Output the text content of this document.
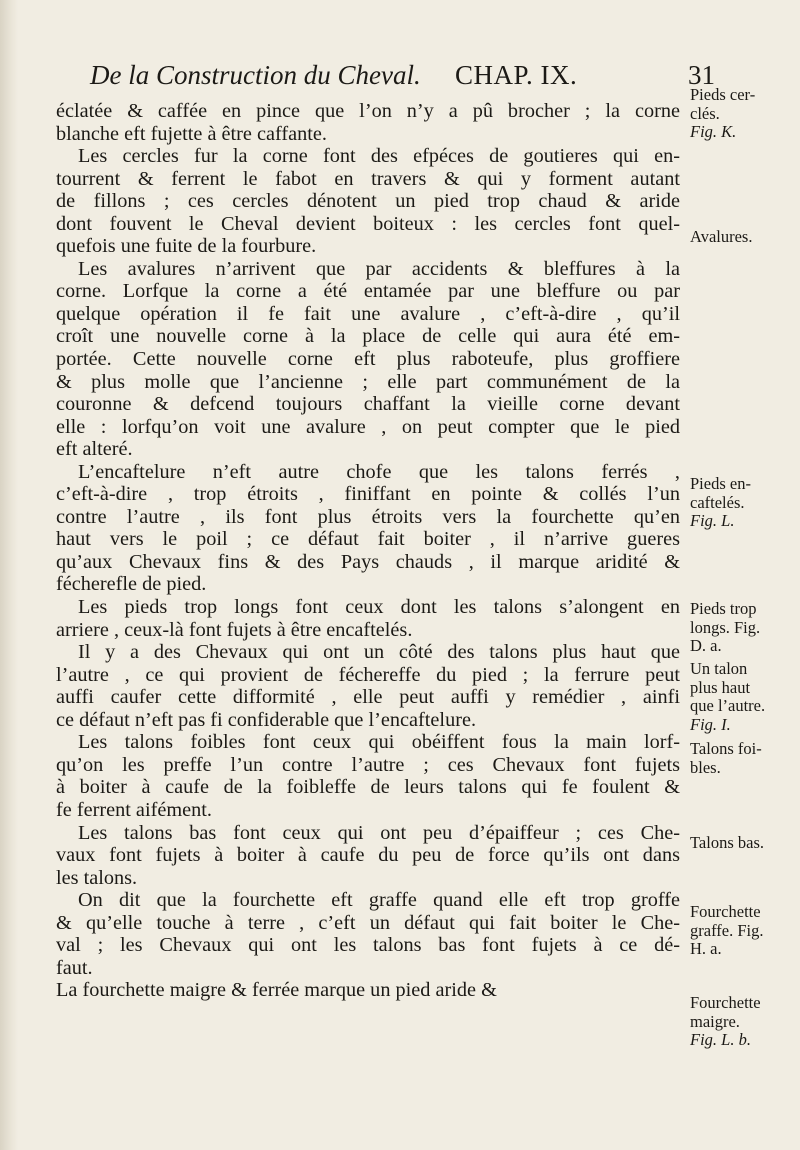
De la Construction du Cheval. CHAP. IX.	31
éclatée & caffée en pince que l’on n’y a pû brocher ; la corne
blanche eft fujette à être caffante.
Les cercles fur la corne font des efpéces de goutieres qui en-
tourrent & ferrent le fabot en travers & qui y forment autant
de fillons ; ces cercles dénotent un pied trop chaud & aride
dont fouvent le Cheval devient boiteux : les cercles font quel-
quefois une fuite de la fourbure.
Les avalures n’arrivent que par accidents & bleffures à la
corne. Lorfque la corne a été entamée par une bleffure ou par
quelque opération il fe fait une avalure , c’eft-à-dire , qu’il
croît une nouvelle corne à la place de celle qui aura été em-
portée. Cette nouvelle corne eft plus raboteufe, plus groffiere
& plus molle que l’ancienne ; elle part communément de la
couronne & defcend toujours chaffant la vieille corne devant
elle : lorfqu’on voit une avalure , on peut compter que le pied
eft alteré.
L’encaftelure n’eft autre chofe que les talons ferrés ,
c’eft-à-dire , trop étroits , finiffant en pointe & collés l’un
contre l’autre , ils font plus étroits vers la fourchette qu’en
haut vers le poil ; ce défaut fait boiter , il n’arrive gueres
qu’aux Chevaux fins & des Pays chauds , il marque aridité &
fécherefle de pied.
Les pieds trop longs font ceux dont les talons s’alongent en
arriere , ceux-là font fujets à être encaftelés.
Il y a des Chevaux qui ont un côté des talons plus haut que
l’autre , ce qui provient de féchereffe du pied ; la ferrure peut
auffi caufer cette difformité , elle peut auffi y remédier , ainfi
ce défaut n’eft pas fi confiderable que l’encaftelure.
Les talons foibles font ceux qui obéiffent fous la main lorf-
qu’on les preffe l’un contre l’autre ; ces Chevaux font fujets
à boiter à caufe de la foibleffe de leurs talons qui fe foulent &
fe ferrent aifément.
Les talons bas font ceux qui ont peu d’épaiffeur ; ces Che-
vaux font fujets à boiter à caufe du peu de force qu’ils ont dans
les talons.
On dit que la fourchette eft graffe quand elle eft trop groffe
& qu’elle touche à terre , c’eft un défaut qui fait boiter le Che-
val ; les Chevaux qui ont les talons bas font fujets à ce dé-
faut.
La fourchette maigre & ferrée marque un pied aride &
Pieds cer-
clés.
Fig. K.
Avalures.
Pieds en-
caftelés.
Fig. L.
Pieds trop
longs. Fig.
D. a.
Un talon
plus haut
que l’autre.
Fig. I.
Talons foi-
bles.
Talons bas.
Fourchette
graffe. Fig.
H. a.
Fourchette
maigre.
Fig. L. b.
